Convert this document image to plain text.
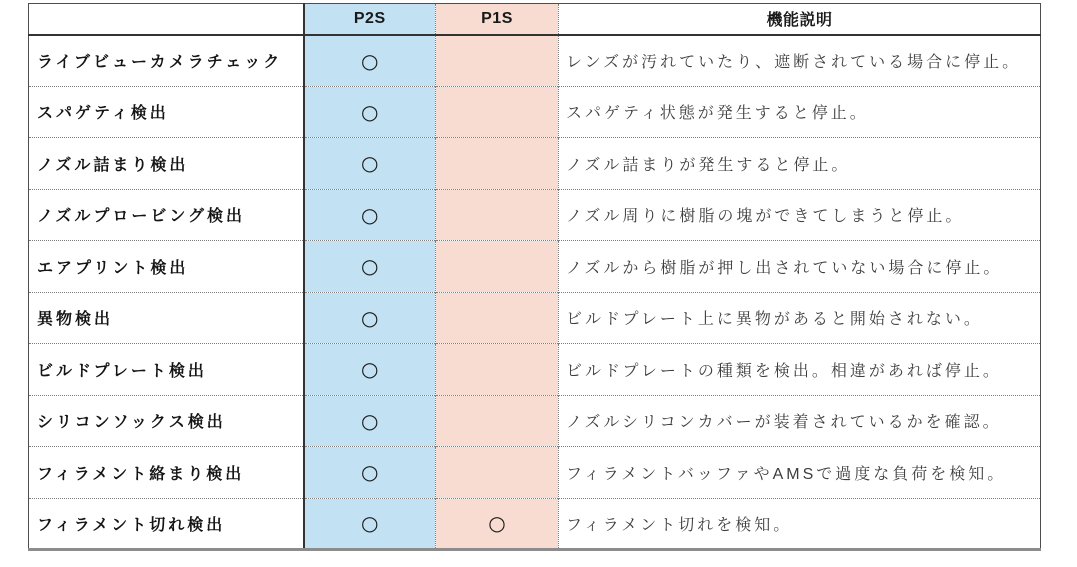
	P2S	P1S	機能説明
ライブビューカメラチェック	○		レンズが汚れていたり、遮断されている場合に停止。
スパゲティ検出	○		スパゲティ状態が発生すると停止。
ノズル詰まり検出	○		ノズル詰まりが発生すると停止。
ノズルプロービング検出	○		ノズル周りに樹脂の塊ができてしまうと停止。
エアプリント検出	○		ノズルから樹脂が押し出されていない場合に停止。
異物検出	○		ビルドプレート上に異物があると開始されない。
ビルドプレート検出	○		ビルドプレートの種類を検出。相違があれば停止。
シリコンソックス検出	○		ノズルシリコンカバーが装着されているかを確認。
フィラメント絡まり検出	○		フィラメントバッファやAMSで過度な負荷を検知。
フィラメント切れ検出	○	○	フィラメント切れを検知。
